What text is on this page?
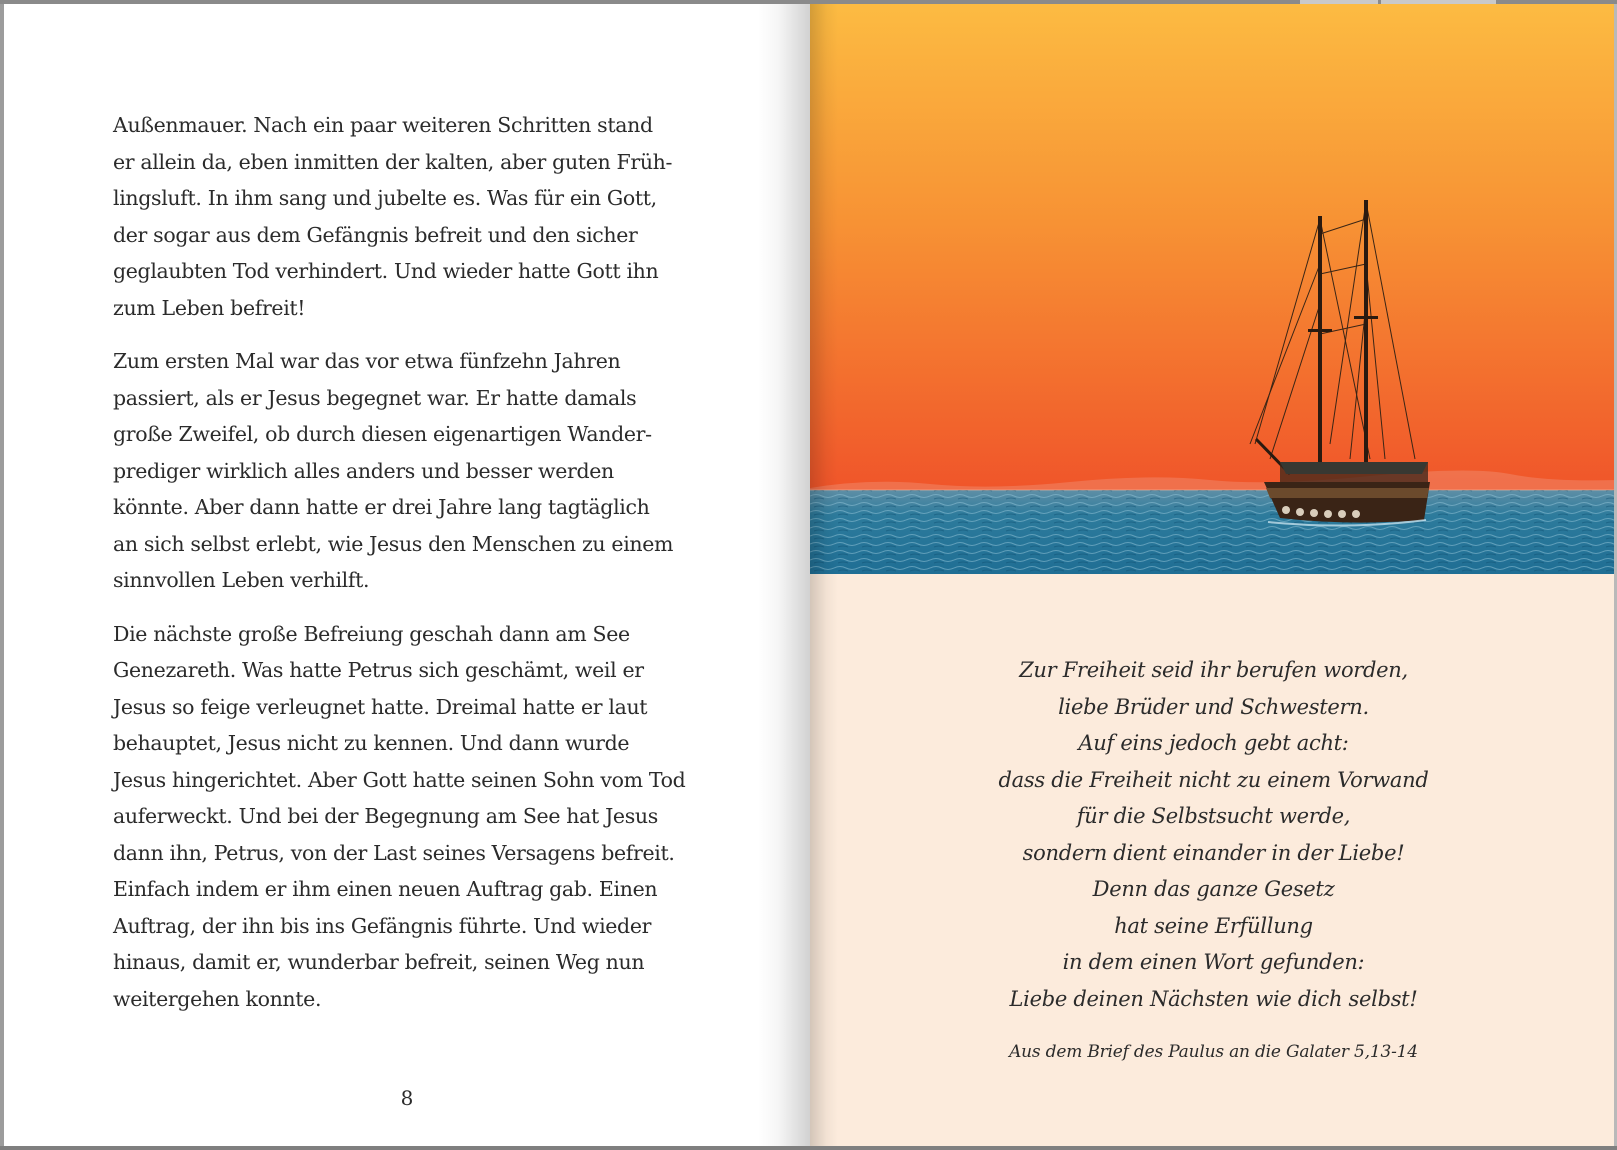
Außenmauer. Nach ein paar weiteren Schritten stand
er allein da, eben inmitten der kalten, aber guten Früh-
lingsluft. In ihm sang und jubelte es. Was für ein Gott,
der sogar aus dem Gefängnis befreit und den sicher
geglaubten Tod verhindert. Und wieder hatte Gott ihn
zum Leben befreit!

Zum ersten Mal war das vor etwa fünfzehn Jahren
passiert, als er Jesus begegnet war. Er hatte damals
große Zweifel, ob durch diesen eigenartigen Wander-
prediger wirklich alles anders und besser werden
könnte. Aber dann hatte er drei Jahre lang tagtäglich
an sich selbst erlebt, wie Jesus den Menschen zu einem
sinnvollen Leben verhilft.

Die nächste große Befreiung geschah dann am See
Genezareth. Was hatte Petrus sich geschämt, weil er
Jesus so feige verleugnet hatte. Dreimal hatte er laut
behauptet, Jesus nicht zu kennen. Und dann wurde
Jesus hingerichtet. Aber Gott hatte seinen Sohn vom Tod
auferweckt. Und bei der Begegnung am See hat Jesus
dann ihn, Petrus, von der Last seines Versagens befreit.
Einfach indem er ihm einen neuen Auftrag gab. Einen
Auftrag, der ihn bis ins Gefängnis führte. Und wieder
hinaus, damit er, wunderbar befreit, seinen Weg nun
weitergehen konnte.

8
Zur Freiheit seid ihr berufen worden,
liebe Brüder und Schwestern.
Auf eins jedoch gebt acht:
dass die Freiheit nicht zu einem Vorwand
für die Selbstsucht werde,
sondern dient einander in der Liebe!
Denn das ganze Gesetz
hat seine Erfüllung
in dem einen Wort gefunden:
Liebe deinen Nächsten wie dich selbst!
Aus dem Brief des Paulus an die Galater 5,13-14
